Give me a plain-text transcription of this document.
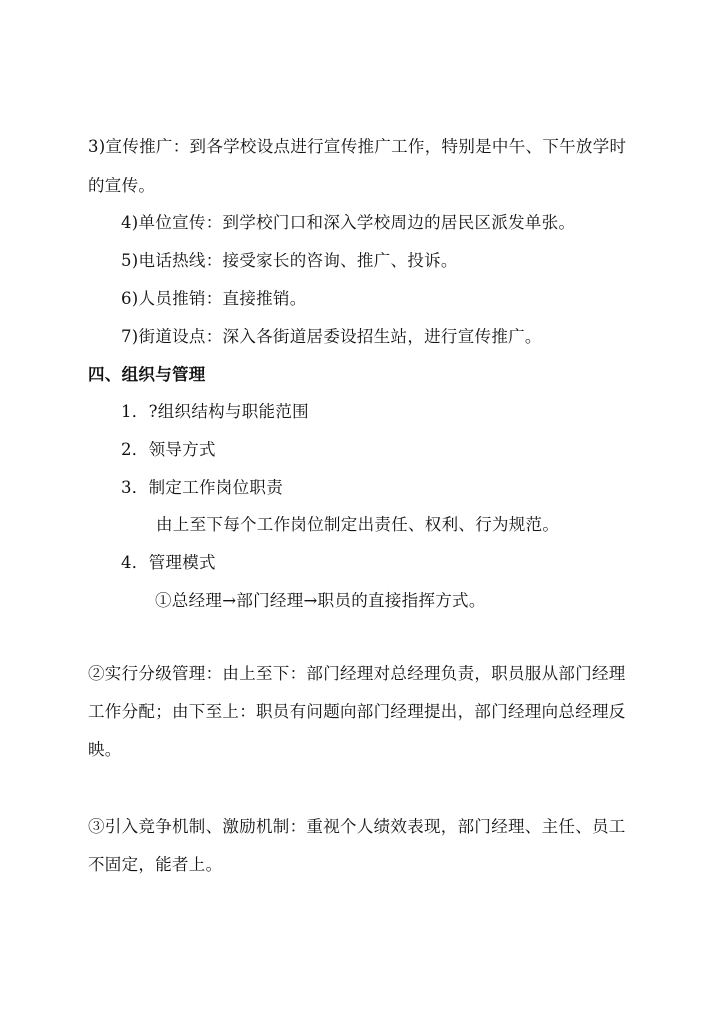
3)宣传推广：到各学校设点进行宣传推广工作，特别是中午、下午放学时
的宣传。
4)单位宣传：到学校门口和深入学校周边的居民区派发单张。
5)电话热线：接受家长的咨询、推广、投诉。
6)人员推销：直接推销。
7)街道设点：深入各街道居委设招生站，进行宣传推广。
四、组织与管理
1．?组织结构与职能范围
2．领导方式
3．制定工作岗位职责
由上至下每个工作岗位制定出责任、权利、行为规范。
4．管理模式
①总经理→部门经理→职员的直接指挥方式。
②实行分级管理：由上至下：部门经理对总经理负责，职员服从部门经理
工作分配；由下至上：职员有问题向部门经理提出，部门经理向总经理反
映。
③引入竞争机制、激励机制：重视个人绩效表现，部门经理、主任、员工
不固定，能者上。
